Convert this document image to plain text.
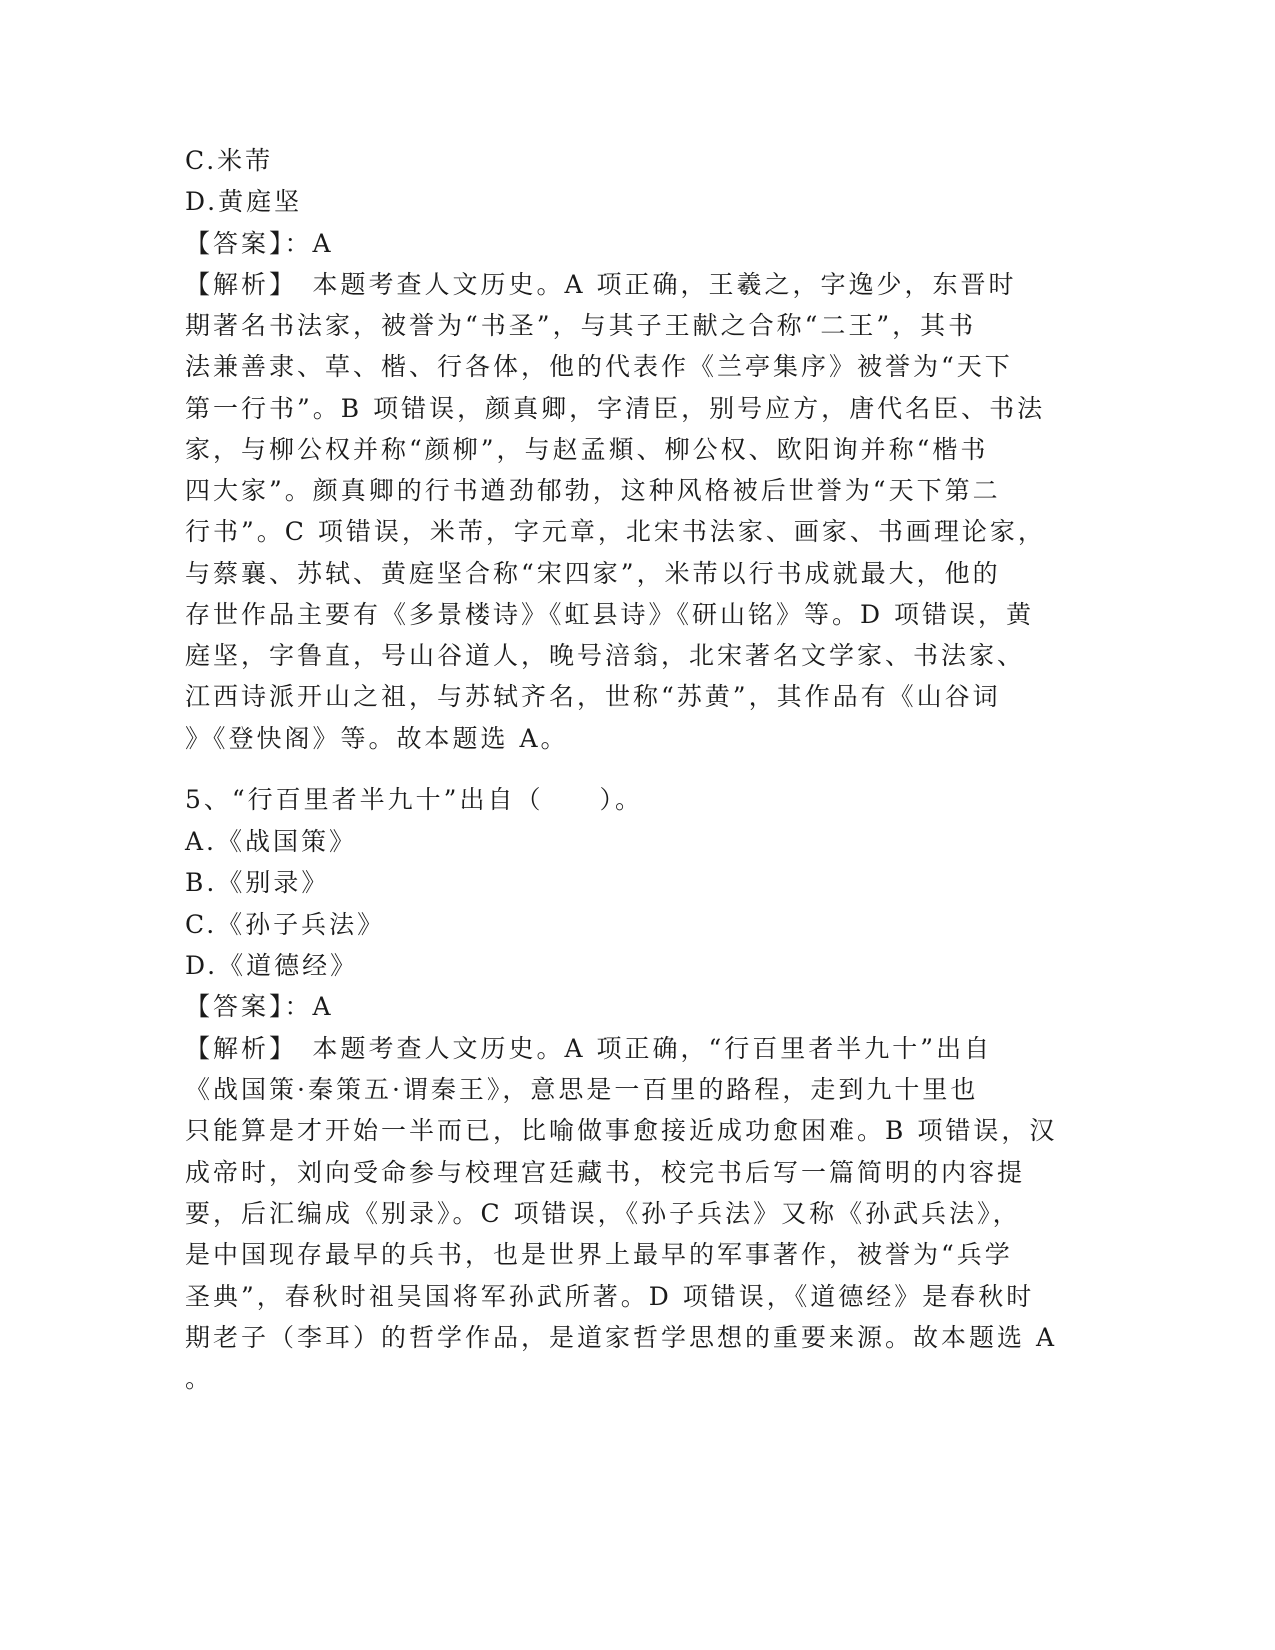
C.米芾
D.黄庭坚
【答案】：A
【解析】　本题考查人文历史。A 项正确，王羲之，字逸少，东晋时
期著名书法家，被誉为“书圣”，与其子王献之合称“二王”，其书
法兼善隶、草、楷、行各体，他的代表作《兰亭集序》被誉为“天下
第一行书”。B 项错误，颜真卿，字清臣，别号应方，唐代名臣、书法
家，与柳公权并称“颜柳”，与赵孟頫、柳公权、欧阳询并称“楷书
四大家”。颜真卿的行书遒劲郁勃，这种风格被后世誉为“天下第二
行书”。C 项错误，米芾，字元章，北宋书法家、画家、书画理论家，
与蔡襄、苏轼、黄庭坚合称“宋四家”，米芾以行书成就最大，他的
存世作品主要有《多景楼诗》《虹县诗》《研山铭》等。D 项错误，黄
庭坚，字鲁直，号山谷道人，晚号涪翁，北宋著名文学家、书法家、
江西诗派开山之祖，与苏轼齐名，世称“苏黄”，其作品有《山谷词
》《登快阁》等。故本题选 A。
5、“行百里者半九十”出自（　　）。
A.《战国策》
B.《别录》
C.《孙子兵法》
D.《道德经》
【答案】：A
【解析】　本题考查人文历史。A 项正确，“行百里者半九十”出自
《战国策·秦策五·谓秦王》，意思是一百里的路程，走到九十里也
只能算是才开始一半而已，比喻做事愈接近成功愈困难。B 项错误，汉
成帝时，刘向受命参与校理宫廷藏书，校完书后写一篇简明的内容提
要，后汇编成《别录》。C 项错误，《孙子兵法》又称《孙武兵法》，
是中国现存最早的兵书，也是世界上最早的军事著作，被誉为“兵学
圣典”，春秋时祖吴国将军孙武所著。D 项错误，《道德经》是春秋时
期老子（李耳）的哲学作品，是道家哲学思想的重要来源。故本题选 A
。
